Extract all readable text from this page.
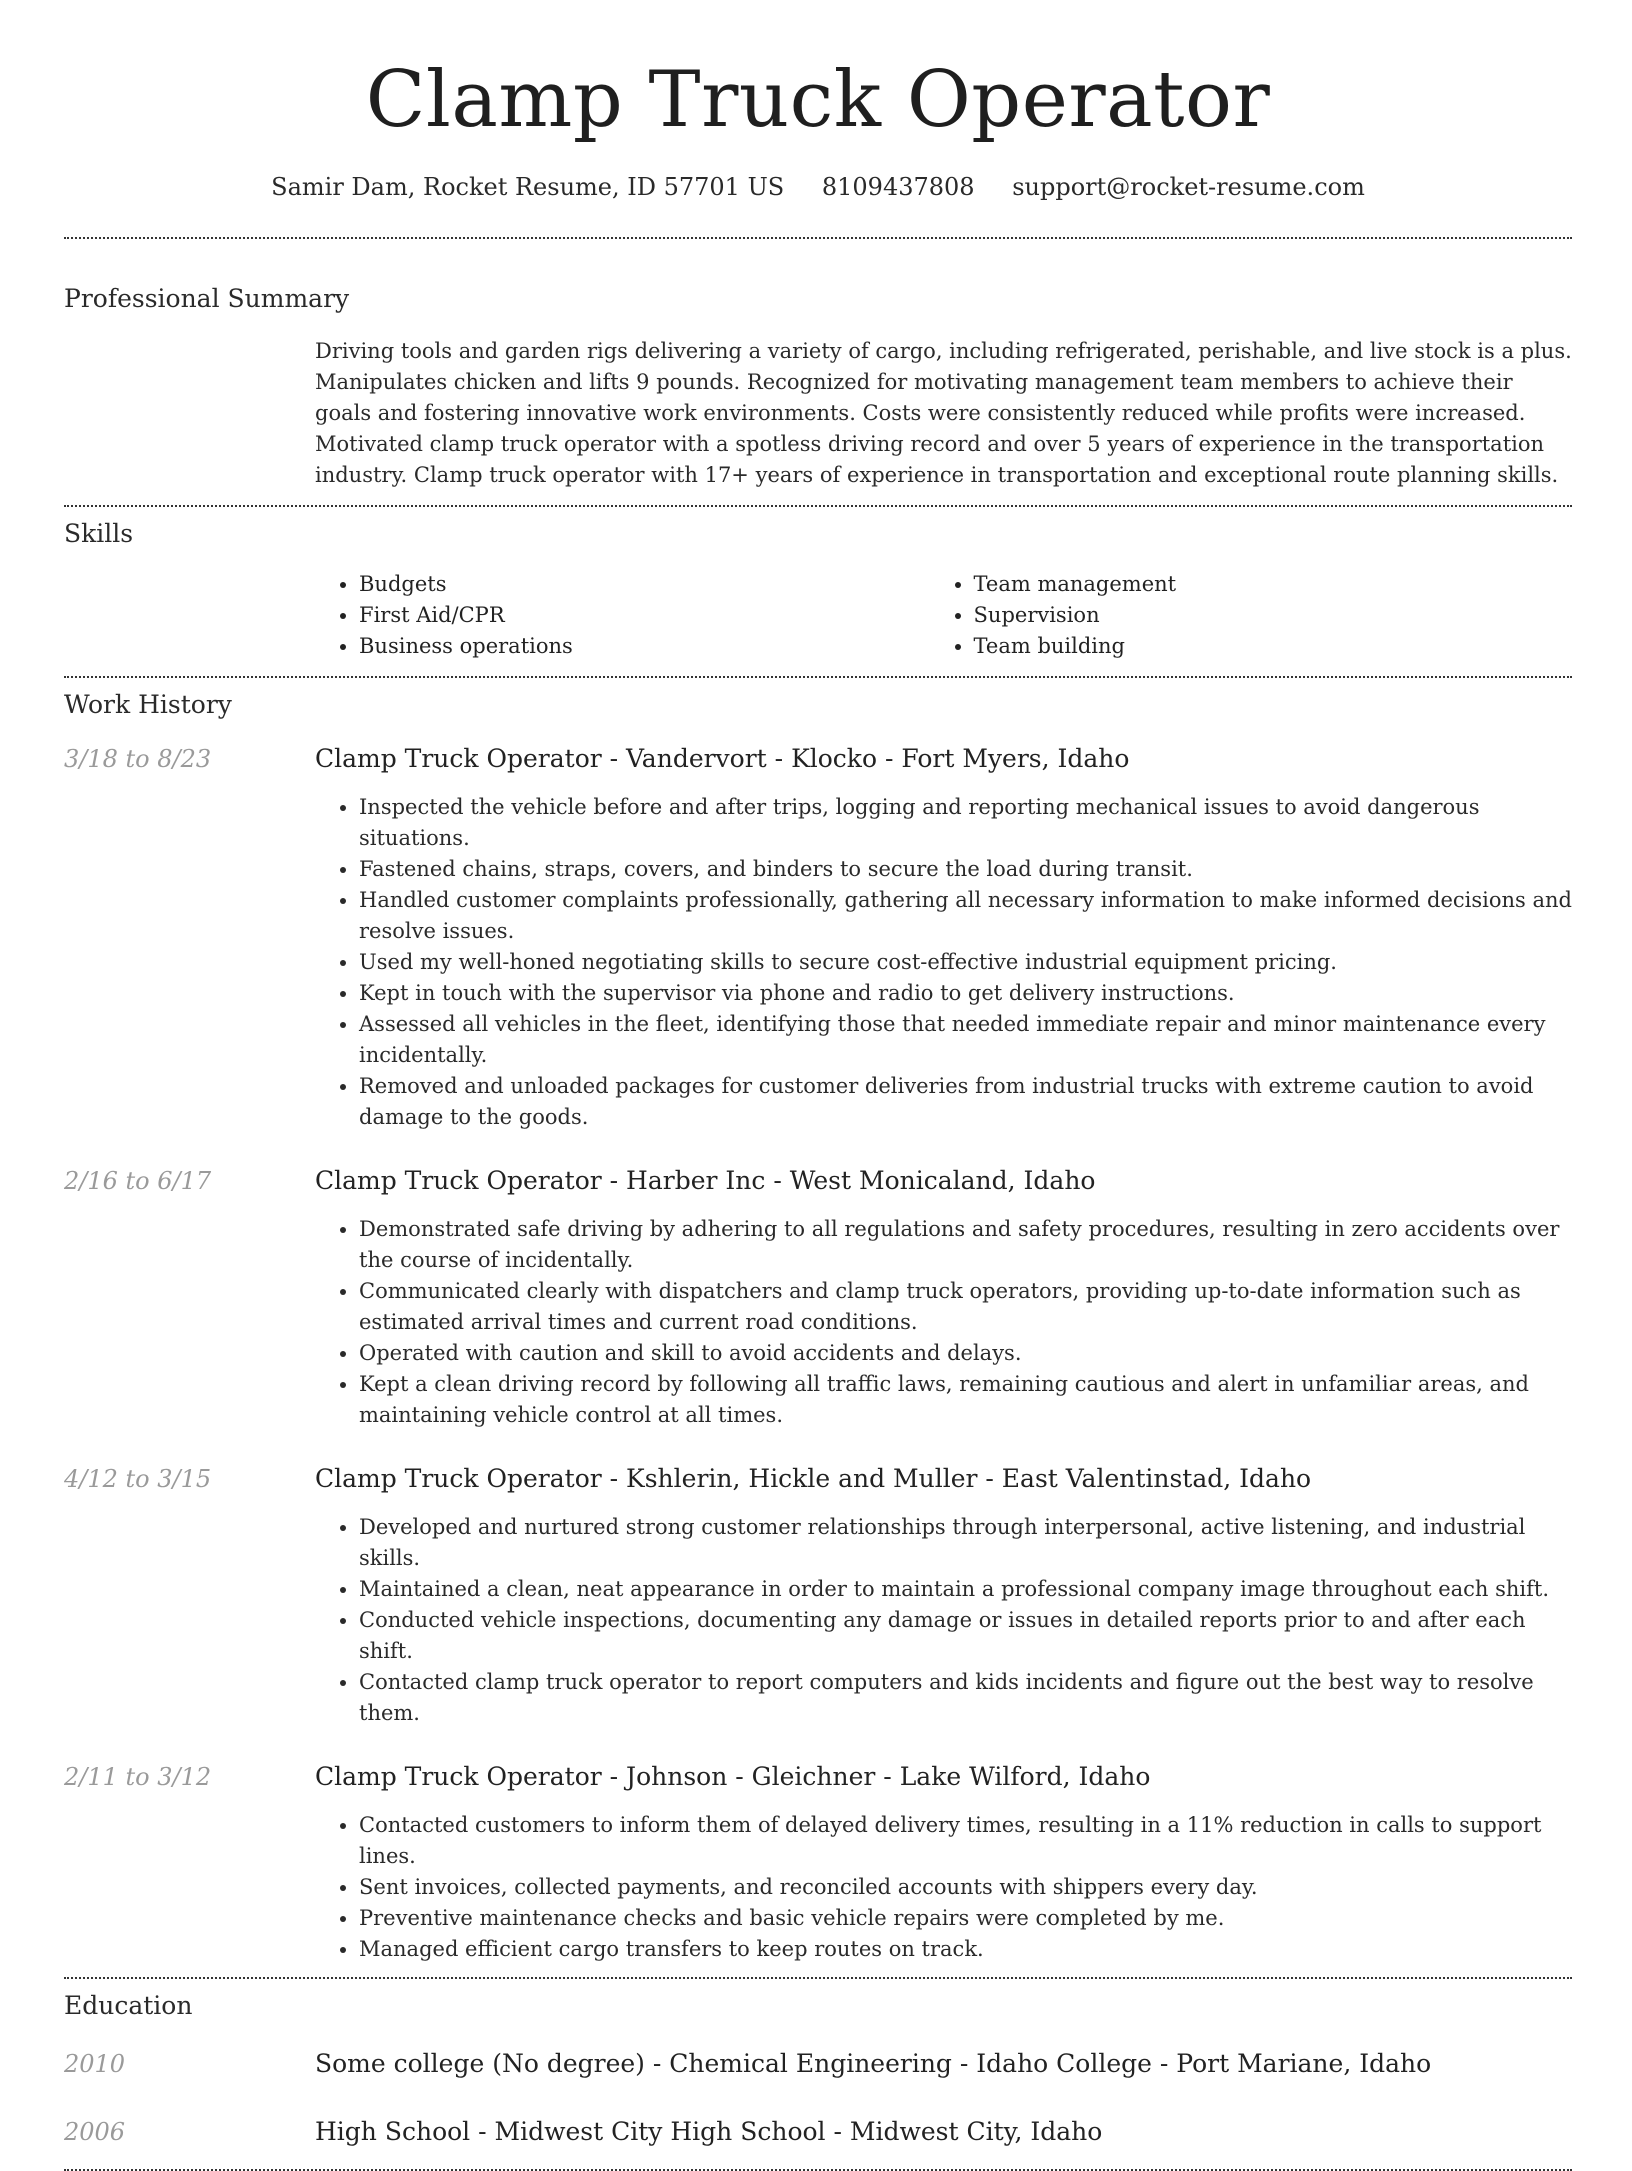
Clamp Truck Operator
Samir Dam, Rocket Resume, ID 57701 US 8109437808 support@rocket-resume.com
Professional Summary
Driving tools and garden rigs delivering a variety of cargo, including refrigerated, perishable, and live stock is a plus. Manipulates chicken and lifts 9 pounds. Recognized for motivating management team members to achieve their goals and fostering innovative work environments. Costs were consistently reduced while profits were increased. Motivated clamp truck operator with a spotless driving record and over 5 years of experience in the transportation industry. Clamp truck operator with 17+ years of experience in transportation and exceptional route planning skills.
Skills
• Budgets
• First Aid/CPR
• Business operations
• Team management
• Supervision
• Team building
Work History
3/18 to 8/23	Clamp Truck Operator - Vandervort - Klocko - Fort Myers, Idaho
• Inspected the vehicle before and after trips, logging and reporting mechanical issues to avoid dangerous situations.
• Fastened chains, straps, covers, and binders to secure the load during transit.
• Handled customer complaints professionally, gathering all necessary information to make informed decisions and resolve issues.
• Used my well-honed negotiating skills to secure cost-effective industrial equipment pricing.
• Kept in touch with the supervisor via phone and radio to get delivery instructions.
• Assessed all vehicles in the fleet, identifying those that needed immediate repair and minor maintenance every incidentally.
• Removed and unloaded packages for customer deliveries from industrial trucks with extreme caution to avoid damage to the goods.
2/16 to 6/17	Clamp Truck Operator - Harber Inc - West Monicaland, Idaho
• Demonstrated safe driving by adhering to all regulations and safety procedures, resulting in zero accidents over the course of incidentally.
• Communicated clearly with dispatchers and clamp truck operators, providing up-to-date information such as estimated arrival times and current road conditions.
• Operated with caution and skill to avoid accidents and delays.
• Kept a clean driving record by following all traffic laws, remaining cautious and alert in unfamiliar areas, and maintaining vehicle control at all times.
4/12 to 3/15	Clamp Truck Operator - Kshlerin, Hickle and Muller - East Valentinstad, Idaho
• Developed and nurtured strong customer relationships through interpersonal, active listening, and industrial skills.
• Maintained a clean, neat appearance in order to maintain a professional company image throughout each shift.
• Conducted vehicle inspections, documenting any damage or issues in detailed reports prior to and after each shift.
• Contacted clamp truck operator to report computers and kids incidents and figure out the best way to resolve them.
2/11 to 3/12	Clamp Truck Operator - Johnson - Gleichner - Lake Wilford, Idaho
• Contacted customers to inform them of delayed delivery times, resulting in a 11% reduction in calls to support lines.
• Sent invoices, collected payments, and reconciled accounts with shippers every day.
• Preventive maintenance checks and basic vehicle repairs were completed by me.
• Managed efficient cargo transfers to keep routes on track.
Education
2010	Some college (No degree) - Chemical Engineering - Idaho College - Port Mariane, Idaho
2006	High School - Midwest City High School - Midwest City, Idaho
